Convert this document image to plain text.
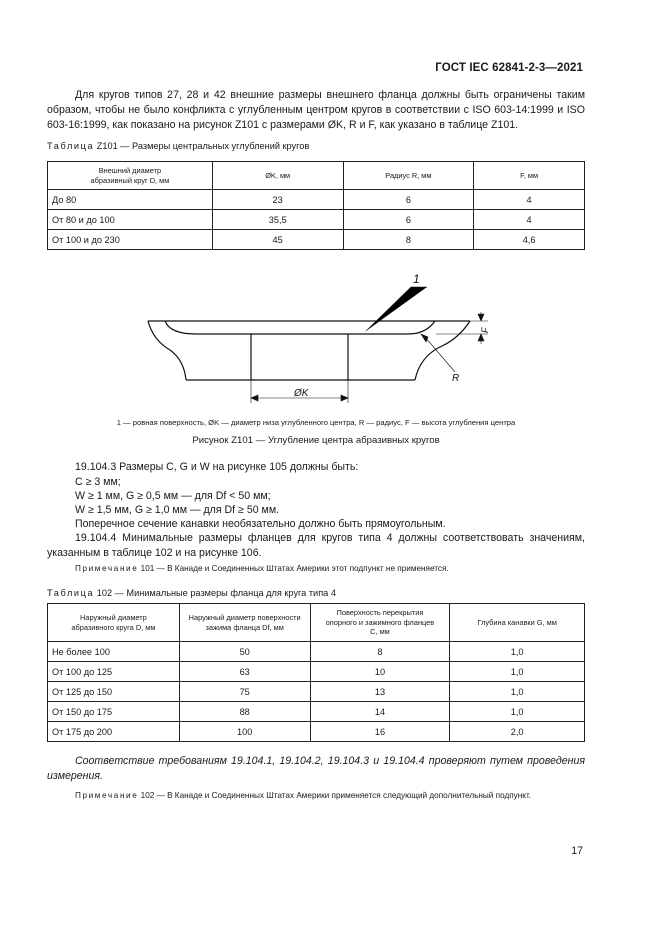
ГОСТ IEC 62841-2-3—2021
Для кругов типов 27, 28 и 42 внешние размеры внешнего фланца должны быть ограничены таким образом, чтобы не было конфликта с углубленным центром кругов в соответствии с ISO 603-14:1999 и ISO 603-16:1999, как показано на рисунок Z101 с размерами ØK, R и F, как указано в таблице Z101.
Таблица Z101 — Размеры центральных углублений кругов
Внешний диаметр абразивный круг D, мм	ØK, мм	Радиус R, мм	F, мм
До 80	23	6	4
От 80 и до 100	35,5	6	4
От 100 и до 230	45	8	4,6
1
F
R
ØK
1 — ровная поверхность, ØK — диаметр низа углубленного центра, R — радиус, F — высота углубления центра
Рисунок Z101 — Углубление центра абразивных кругов
19.104.3 Размеры C, G и W на рисунке 105 должны быть:
C ≥ 3 мм;
W ≥ 1 мм, G ≥ 0,5 мм — для Df < 50 мм;
W ≥ 1,5 мм, G ≥ 1,0 мм — для Df ≥ 50 мм.
Поперечное сечение канавки необязательно должно быть прямоугольным.
19.104.4 Минимальные размеры фланцев для кругов типа 4 должны соответствовать значениям, указанным в таблице 102 и на рисунке 106.
Примечание 101 — В Канаде и Соединенных Штатах Америки этот подпункт не применяется.
Таблица 102 — Минимальные размеры фланца для круга типа 4
Наружный диаметр абразивного круга D, мм	Наружный диаметр поверхности зажима фланца Df, мм	Поверхность перекрытия опорного и зажимного фланцев C, мм	Глубина канавки G, мм
Не более 100	50	8	1,0
От 100 до 125	63	10	1,0
От 125 до 150	75	13	1,0
От 150 до 175	88	14	1,0
От 175 до 200	100	16	2,0
Соответствие требованиям 19.104.1, 19.104.2, 19.104.3 и 19.104.4 проверяют путем проведения измерения.
Примечание 102 — В Канаде и Соединенных Штатах Америки применяется следующий дополнительный подпункт.
17
